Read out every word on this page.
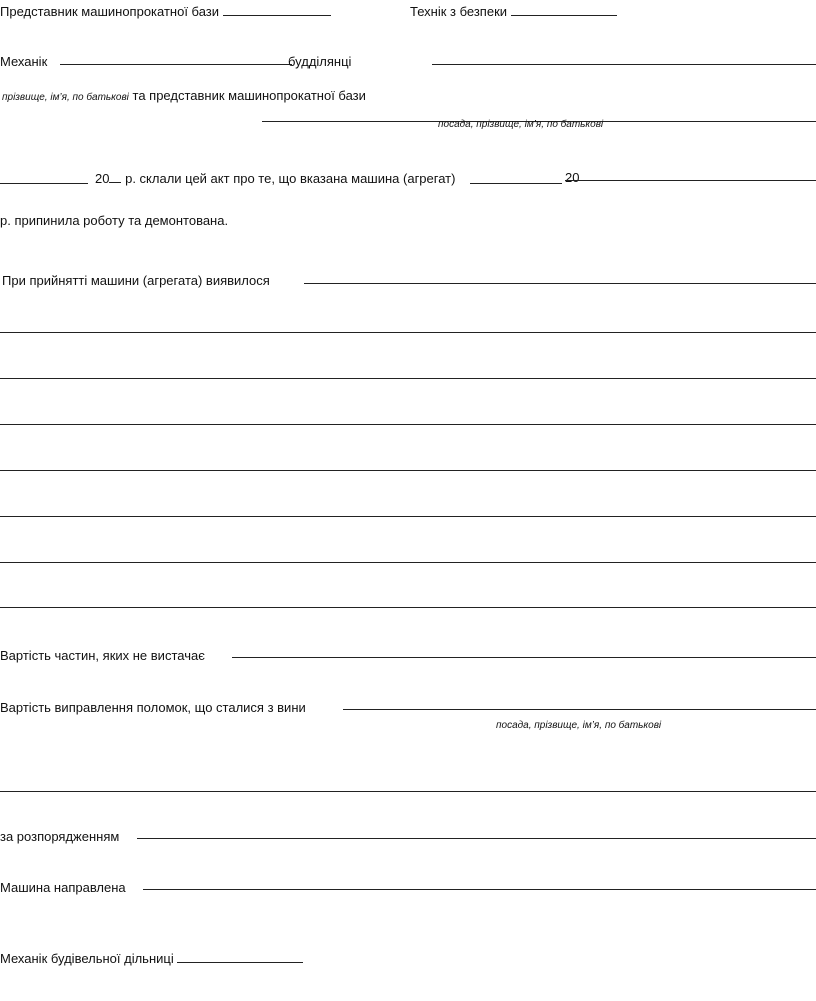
Представник машинопрокатної бази	Технік з безпеки
Механік	будділянці
прізвище, ім’я, по батькові та представник машинопрокатної бази
посада, прізвище, ім’я, по батькові
20 р. склали цей акт про те, що вказана машина (агрегат)	20
р. припинила роботу та демонтована.
При прийнятті машини (агрегата) виявилося
Вартість частин, яких не вистачає
Вартість виправлення поломок, що сталися з вини
посада, прізвище, ім’я, по батькові
за розпорядженням
Машина направлена
Механік будівельної дільниці
